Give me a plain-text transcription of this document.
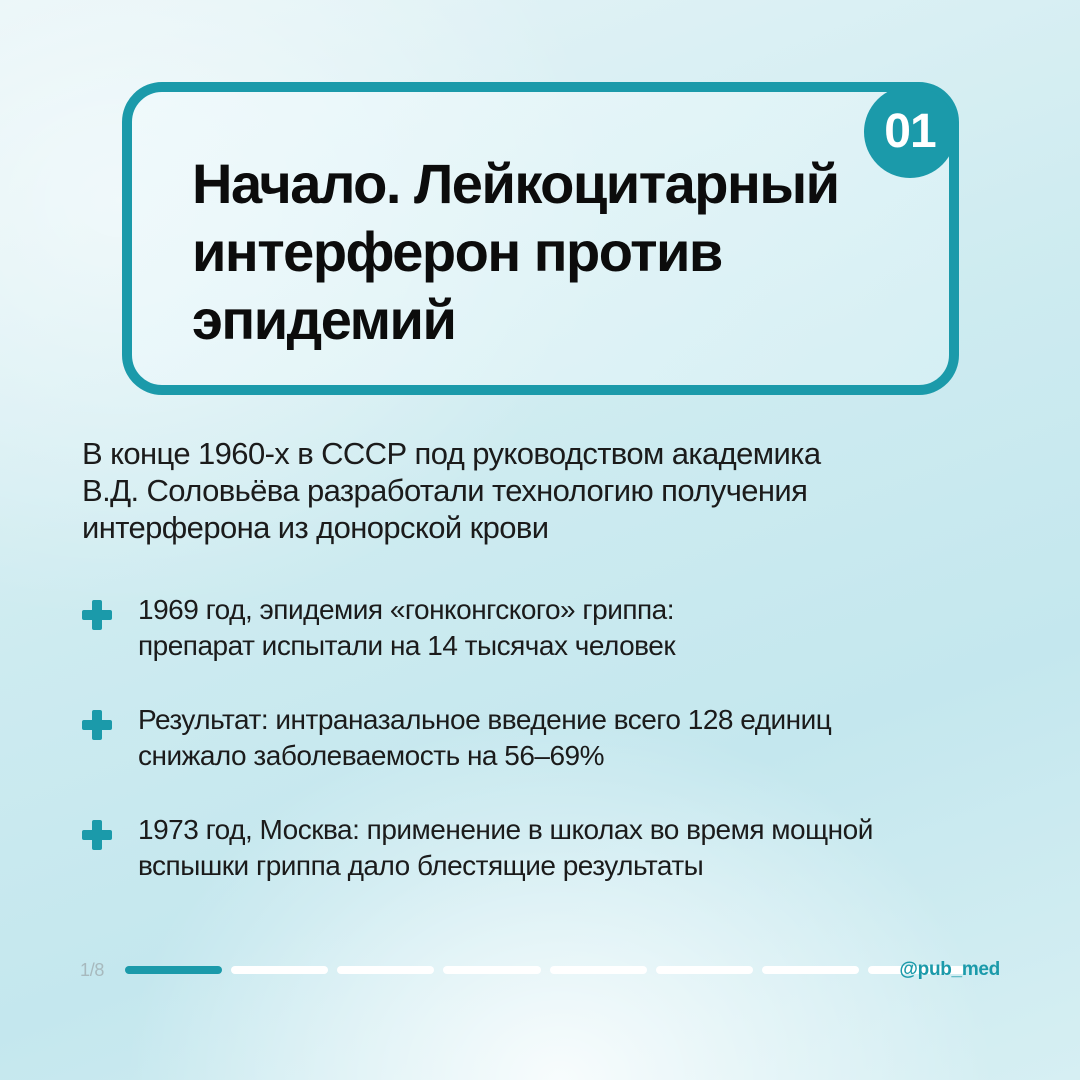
Начало. Лейкоцитарный
интерферон против
эпидемий
01

В конце 1960-х в СССР под руководством академика
В.Д. Соловьёва разработали технологию получения
интерферона из донорской крови

1969 год, эпидемия «гонконгского» гриппа:
препарат испытали на 14 тысячах человек
Результат: интраназальное введение всего 128 единиц
снижало заболеваемость на 56–69%
1973 год, Москва: применение в школах во время мощной
вспышки гриппа дало блестящие результаты
1/8	@pub_med
